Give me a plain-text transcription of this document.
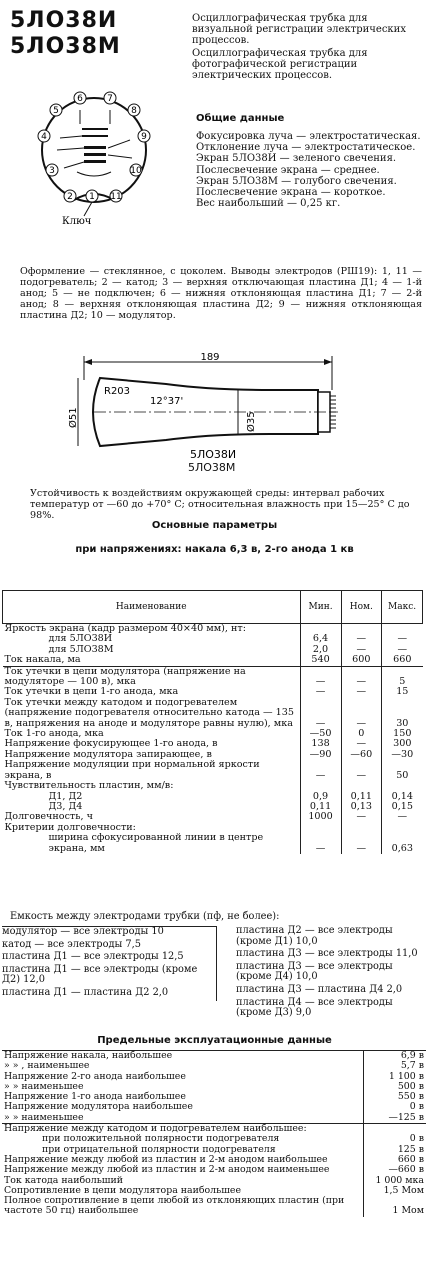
5ЛО38И
5ЛО38М

Осциллографическая трубка для визуальной регистрации электрических процессов.

Осциллографическая трубка для фотографической регистрации электрических процессов.

1
2
3
4
5
6	7
8
9
10
11
Ключ
Общие данные

Фокусировка луча — электростатическая.

Отклонение луча — электростатическое.

Экран 5ЛО38И — зеленого свечения.

Послесвечение экрана — среднее.

Экран 5ЛО38М — голубого свечения.

Послесвечение экрана — короткое.

Вес наибольший — 0,25 кг.

Оформление — стеклянное, с цоколем. Выводы электродов (РШ19): 1, 11 — подогреватель; 2 — катод; 3 — верхняя отключающая пластина Д1; 4 — 1-й анод; 5 — не подключен; 6 — нижняя отклоняющая пластина Д1; 7 — 2-й анод; 8 — верхняя отклоняющая пластина Д2; 9 — нижняя отклоняющая пластина Д2; 10 — модулятор.
189
Ø51
R203
12°37'
Ø35
5ЛО38И
5ЛО38М
Устойчивость к воздействиям окружающей среды: интервал рабочих температур от —60 до +70° С; относительная влажность при 15—25° С до 98%.
Основные параметры
при напряжениях: накала 6,3 в, 2-го анода 1 кв
Наименование	Мин.	Ном.	Макс.
Яркость экрана (кадр размером 40×40 мм), нт:			
для 5ЛО38И	6,4	—	—
для 5ЛО38М	2,0	—	—
Ток накала, ма	540	600	660
Ток утечки в цепи модулятора (напряжение на модуляторе — 100 в), мка	—	—	5
Ток утечки в цепи 1-го анода, мка	—	—	15
Ток утечки между катодом и подогревателем (напряжение подогревателя относительно катода — 135 в, напряжения на аноде и модуляторе равны нулю), мка	—	—	30
Ток 1-го анода, мка	—50	0	150
Напряжение фокусирующее 1-го анода, в	138	—	300
Напряжение модулятора запирающее, в	—90	—60	—30
Напряжение модуляции при нормальной яркости экрана, в	—	—	50
Чувствительность пластин, мм/в:			
Д1, Д2	0,9	0,11	0,14
Д3, Д4	0,11	0,13	0,15
Долговечность, ч	1000	—	—
Критерии долговечности:			
ширина сфокусированной линии в центре экрана, мм	—	—	0,63
Емкость между электродами трубки (пф, не более):
модулятор — все электроды 10
катод — все электроды 7,5
пластина Д1 — все электроды 12,5
пластина Д1 — все электроды (кроме Д2) 12,0
пластина Д1 — пластина Д2 2,0
пластина Д2 — все электроды (кроме Д1) 10,0
пластина Д3 — все электроды 11,0
пластина Д3 — все электроды (кроме Д4) 10,0
пластина Д3 — пластина Д4 2,0
пластина Д4 — все электроды (кроме Д3) 9,0
Предельные эксплуатационные данные
Напряжение накала, наибольшее	6,9 в
» » , наименьшее	5,7 в
Напряжение 2-го анода наибольшее	1 100 в
» » наименьшее	500 в
Напряжение 1-го анода наибольшее	550 в
Напряжение модулятора наибольшее	0 в
» » наименьшее	—125 в
Напряжение между катодом и подогревателем наибольшее:	
при положительной полярности подогревателя	0 в
при отрицательной полярности подогревателя	125 в
Напряжение между любой из пластин и 2-м анодом наибольшее	660 в
Напряжение между любой из пластин и 2-м анодом наименьшее	—660 в
Ток катода наибольший	1 000 мка
Сопротивление в цепи модулятора наибольшее	1,5 Мом
Полное сопротивление в цепи любой из отклоняющих пластин (при частоте 50 гц) наибольшее	1 Мом
